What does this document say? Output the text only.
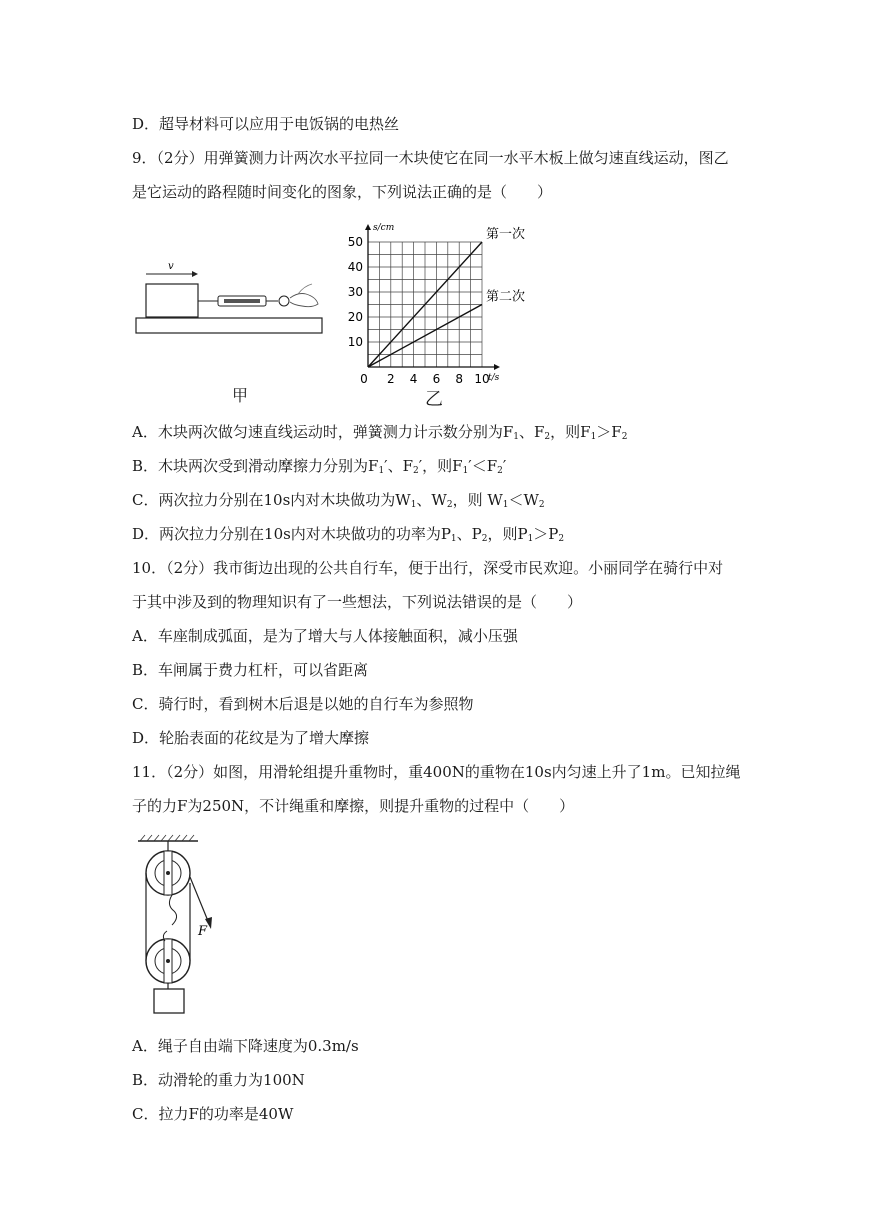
D．超导材料可以应用于电饭锅的电热丝
9．（2分）用弹簧测力计两次水平拉同一木块使它在同一水平木板上做匀速直线运动，图乙
是它运动的路程随时间变化的图象，下列说法正确的是（　　）
v
甲
s/cm
t/s
0 2 4 6 8 10
10
20
30
40
50	第一次
第二次
乙
A．木块两次做匀速直线运动时，弹簧测力计示数分别为$F_1$、$F_2$，则$F_1>F_2$
B．木块两次受到滑动摩擦力分别为$F_1'$、$F_2'$，则$F_1'<F_2'$
C．两次拉力分别在10s内对木块做功为$W_1$、$W_2$，则 $W_1<W_2$
D．两次拉力分别在10s内对木块做功的功率为$P_1$、$P_2$，则$P_1>P_2$
10．（2分）我市街边出现的公共自行车，便于出行，深受市民欢迎。小丽同学在骑行中对
于其中涉及到的物理知识有了一些想法，下列说法错误的是（　　）
A．车座制成弧面，是为了增大与人体接触面积，减小压强
B．车闸属于费力杠杆，可以省距离
C．骑行时，看到树木后退是以她的自行车为参照物
D．轮胎表面的花纹是为了增大摩擦
11．（2分）如图，用滑轮组提升重物时，重400N的重物在10s内匀速上升了1m。已知拉绳
子的力F为250N，不计绳重和摩擦，则提升重物的过程中（　　）
F
A．绳子自由端下降速度为0.3m/s
B．动滑轮的重力为100N
C．拉力F的功率是40W
